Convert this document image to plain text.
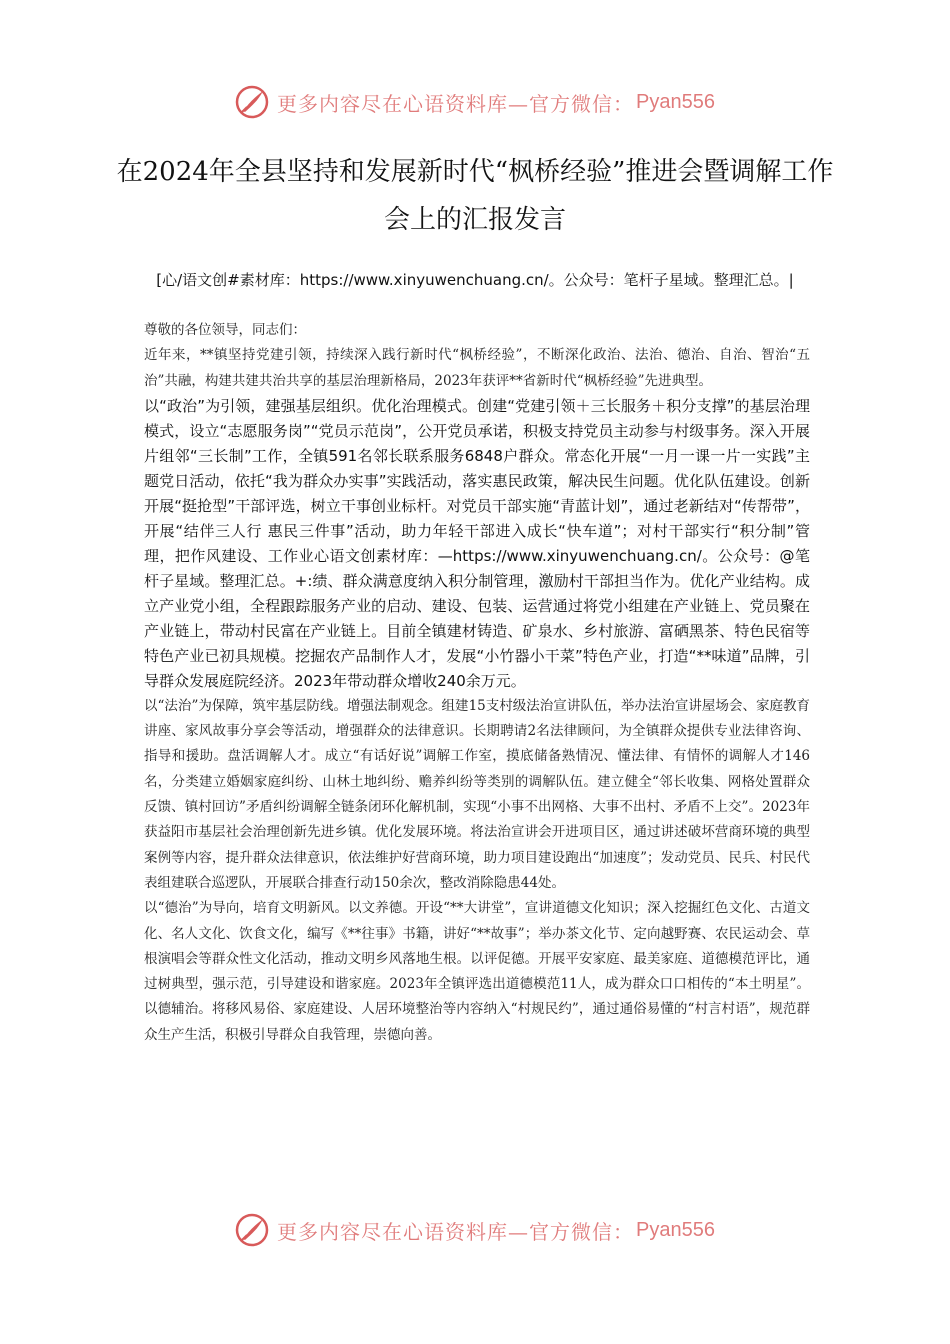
更多内容尽在心语资料库—官方微信： Pyan556
在2024年全县坚持和发展新时代“枫桥经验”推进会暨调解工作会上的汇报发言
[心/语文创#素材库：https://www.xinyuwenchuang.cn/。公众号：笔杆子星域。整理汇总。|

尊敬的各位领导，同志们：

近年来，**镇坚持党建引领，持续深入践行新时代“枫桥经验”，不断深化政治、法治、德治、自治、智治“五治”共融，构建共建共治共享的基层治理新格局，2023年获评**省新时代“枫桥经验”先进典型。

以“政治”为引领，建强基层组织。优化治理模式。创建“党建引领＋三长服务＋积分支撑”的基层治理模式，设立“志愿服务岗”“党员示范岗”，公开党员承诺，积极支持党员主动参与村级事务。深入开展片组邻“三长制”工作，全镇591名邻长联系服务6848户群众。常态化开展“一月一课一片一实践”主题党日活动，依托“我为群众办实事”实践活动，落实惠民政策，解决民生问题。优化队伍建设。创新开展“挺抢型”干部评选，树立干事创业标杆。对党员干部实施“青蓝计划”，通过老新结对“传帮带”，开展“结伴三人行 惠民三件事”活动，助力年轻干部进入成长“快车道”；对村干部实行“积分制”管理，把作风建设、工作业心语文创素材库：—https://www.xinyuwenchuang.cn/。公众号：@笔杆子星域。整理汇总。+:绩、群众满意度纳入积分制管理，激励村干部担当作为。优化产业结构。成立产业党小组，全程跟踪服务产业的启动、建设、包装、运营通过将党小组建在产业链上、党员聚在产业链上，带动村民富在产业链上。目前全镇建材铸造、矿泉水、乡村旅游、富硒黑茶、特色民宿等特色产业已初具规模。挖掘农产品制作人才，发展“小竹器小干菜”特色产业，打造“**味道”品牌，引导群众发展庭院经济。2023年带动群众增收240余万元。

以“法治”为保障，筑牢基层防线。增强法制观念。组建15支村级法治宣讲队伍，举办法治宣讲屋场会、家庭教育讲座、家风故事分享会等活动，增强群众的法律意识。长期聘请2名法律顾问，为全镇群众提供专业法律咨询、指导和援助。盘活调解人才。成立“有话好说”调解工作室，摸底储备熟情况、懂法律、有情怀的调解人才146名，分类建立婚姻家庭纠纷、山林土地纠纷、赡养纠纷等类别的调解队伍。建立健全“邻长收集、网格处置群众反馈、镇村回访”矛盾纠纷调解全链条闭环化解机制，实现“小事不出网格、大事不出村、矛盾不上交”。2023年获益阳市基层社会治理创新先进乡镇。优化发展环境。将法治宣讲会开进项目区，通过讲述破坏营商环境的典型案例等内容，提升群众法律意识，依法维护好营商环境，助力项目建设跑出“加速度”；发动党员、民兵、村民代表组建联合巡逻队，开展联合排查行动150余次，整改消除隐患44处。

以“德治”为导向，培育文明新风。以文养德。开设“**大讲堂”，宣讲道德文化知识；深入挖掘红色文化、古道文化、名人文化、饮食文化，编写《**往事》书籍，讲好“**故事”；举办茶文化节、定向越野赛、农民运动会、草根演唱会等群众性文化活动，推动文明乡风落地生根。以评促德。开展平安家庭、最美家庭、道德模范评比，通过树典型，强示范，引导建设和谐家庭。2023年全镇评选出道德模范11人，成为群众口口相传的“本土明星”。以德辅治。将移风易俗、家庭建设、人居环境整治等内容纳入“村规民约”，通过通俗易懂的“村言村语”，规范群众生产生活，积极引导群众自我管理，崇德向善。

更多内容尽在心语资料库—官方微信： Pyan556
